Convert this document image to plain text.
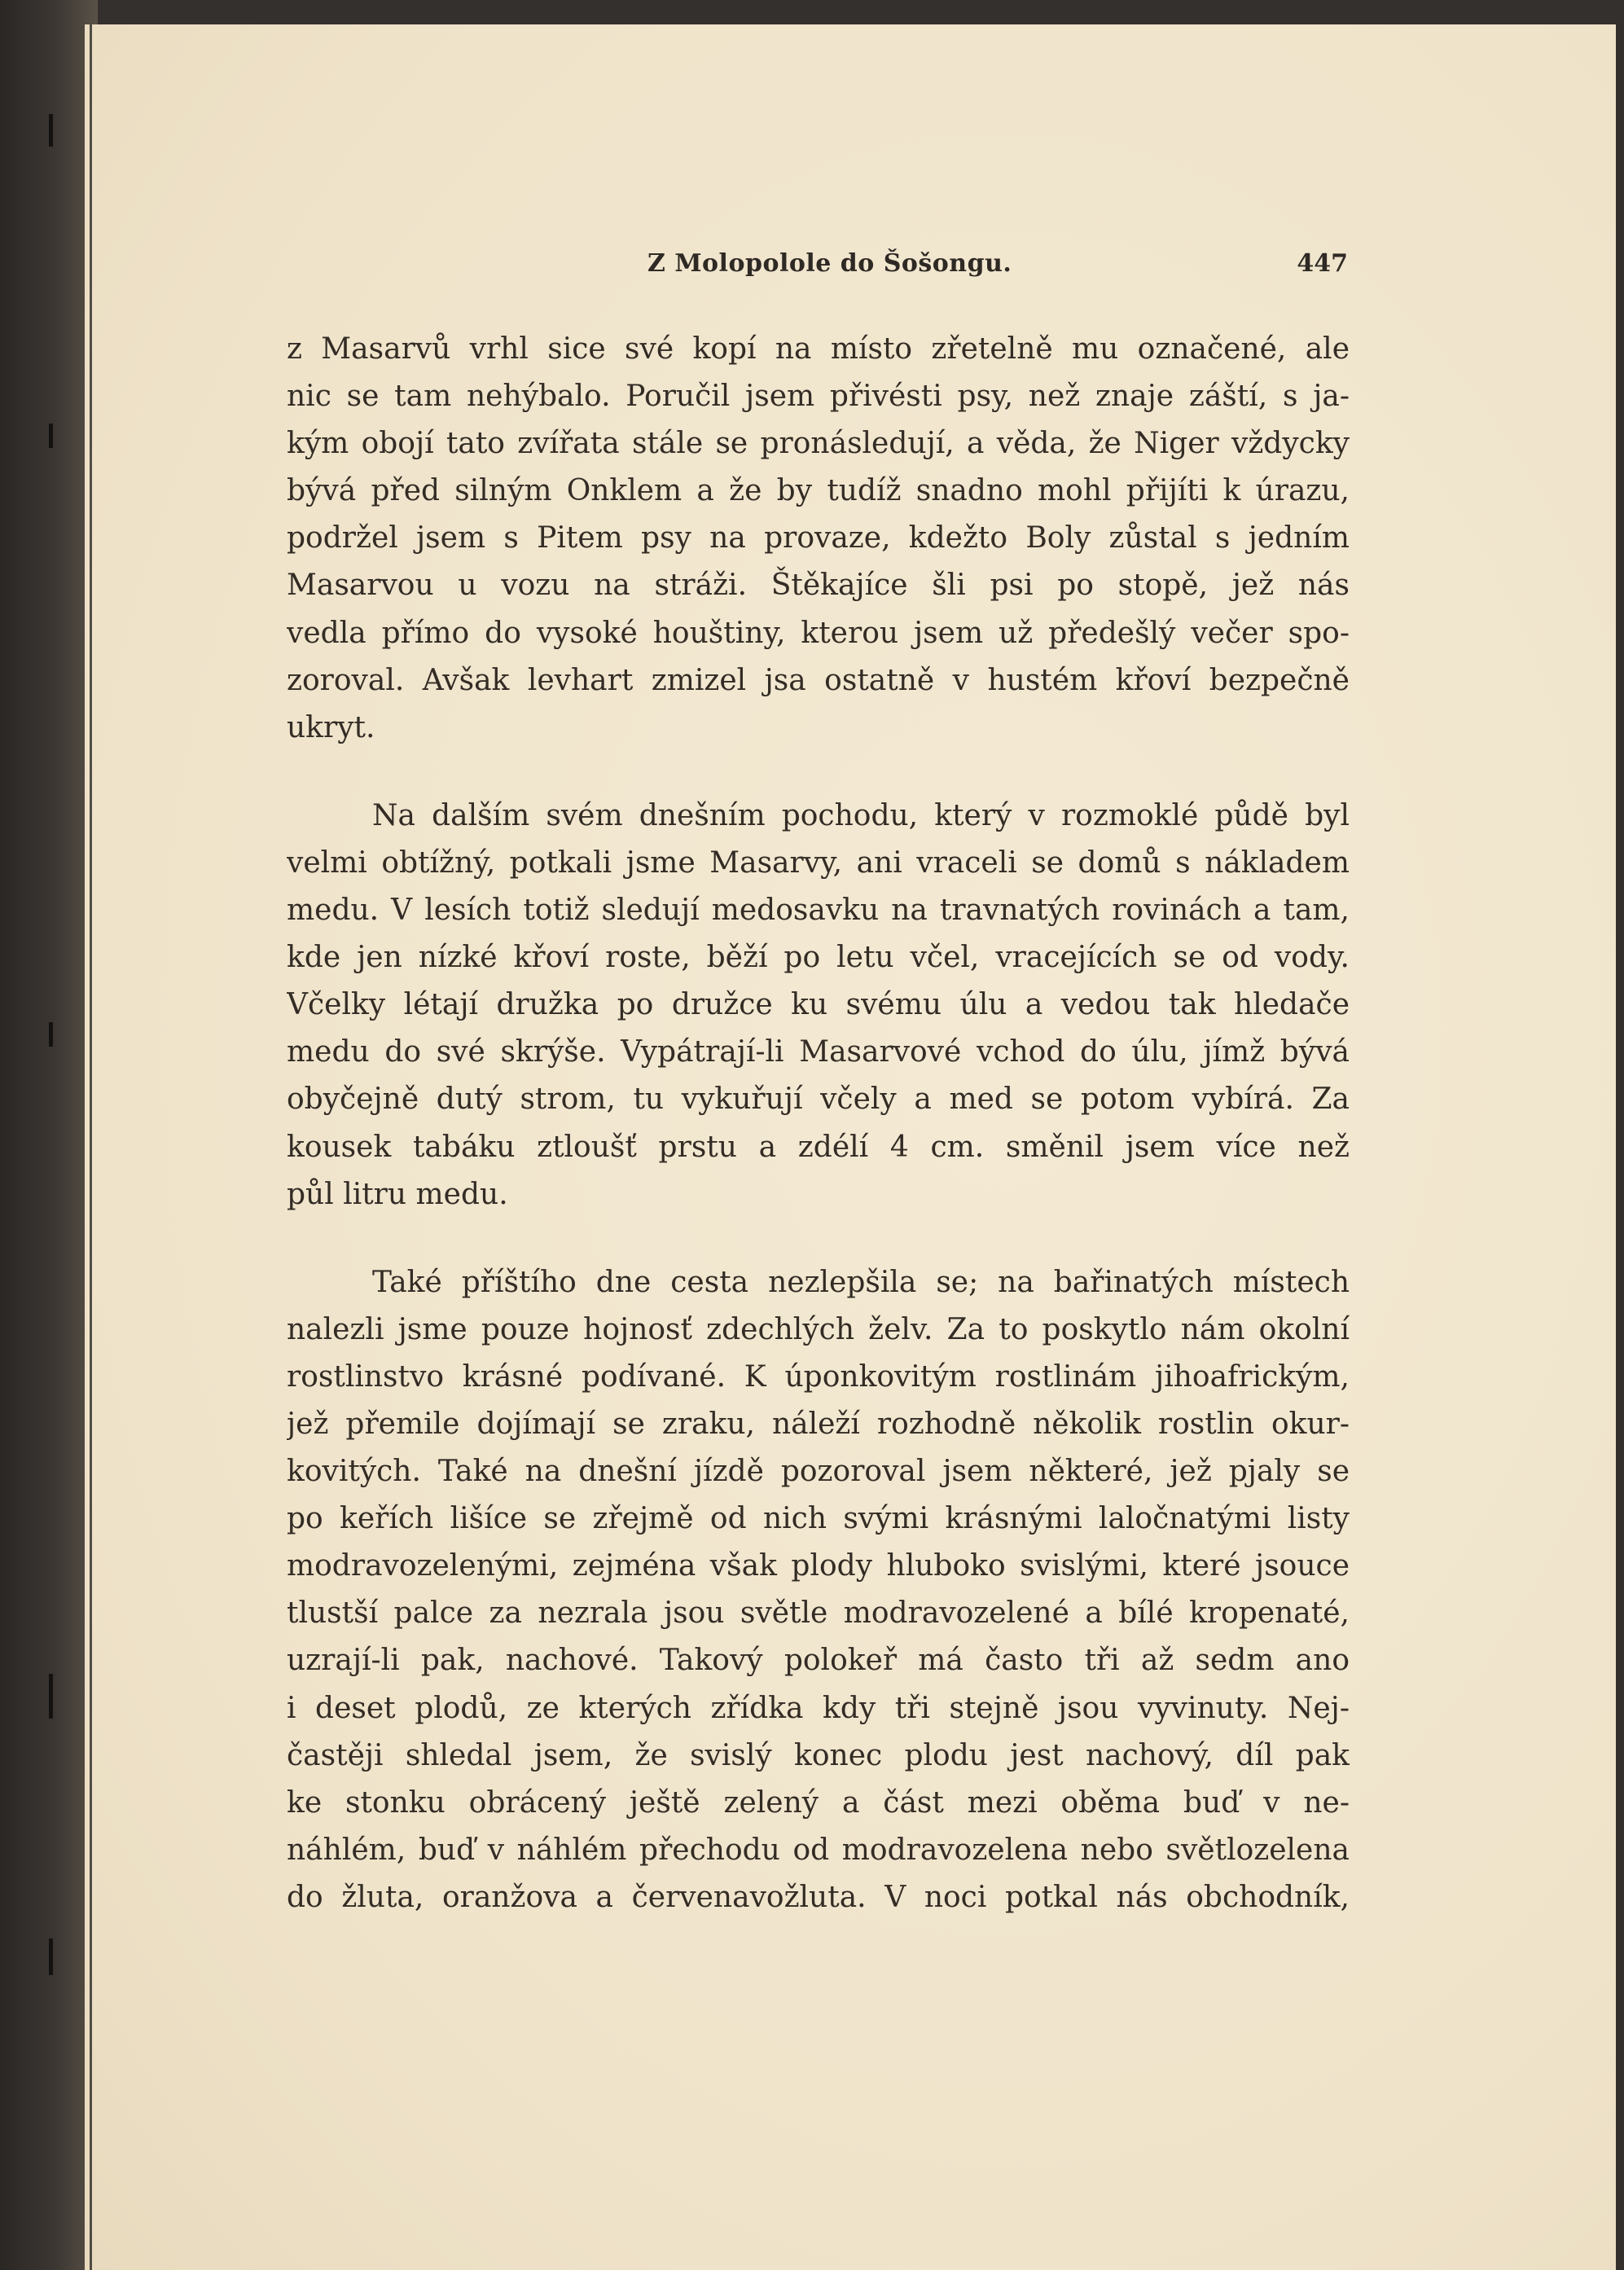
Z Molopolole do Šošongu.	447
z Masarvů vrhl sice své kopí na místo zřetelně mu označené, ale
nic se tam nehýbalo. Poručil jsem přivésti psy, než znaje záští, s ja-
kým obojí tato zvířata stále se pronásledují, a věda, že Niger vždycky
bývá před silným Onklem a že by tudíž snadno mohl přijíti k úrazu,
podržel jsem s Pitem psy na provaze, kdežto Boly zůstal s jedním
Masarvou u vozu na stráži. Štěkajíce šli psi po stopě, jež nás
vedla přímo do vysoké houštiny, kterou jsem už předešlý večer spo-
zoroval. Avšak levhart zmizel jsa ostatně v hustém křoví bezpečně
ukryt.
Na dalším svém dnešním pochodu, který v rozmoklé půdě byl
velmi obtížný, potkali jsme Masarvy, ani vraceli se domů s nákladem
medu. V lesích totiž sledují medosavku na travnatých rovinách a tam,
kde jen nízké křoví roste, běží po letu včel, vracejících se od vody.
Včelky létají družka po družce ku svému úlu a vedou tak hledače
medu do své skrýše. Vypátrají-li Masarvové vchod do úlu, jímž bývá
obyčejně dutý strom, tu vykuřují včely a med se potom vybírá. Za
kousek tabáku ztloušť prstu a zdélí 4 cm. směnil jsem více než
půl litru medu.
Také příštího dne cesta nezlepšila se; na bařinatých místech
nalezli jsme pouze hojnosť zdechlých želv. Za to poskytlo nám okolní
rostlinstvo krásné podívané. K úponkovitým rostlinám jihoafrickým,
jež přemile dojímají se zraku, náleží rozhodně několik rostlin okur-
kovitých. Také na dnešní jízdě pozoroval jsem některé, jež pjaly se
po keřích lišíce se zřejmě od nich svými krásnými laločnatými listy
modravozelenými, zejména však plody hluboko svislými, které jsouce
tlustší palce za nezralа jsou světle modravozelené a bílé kropenaté,
uzrají-li pak, nachové. Takový polokeř má často tři až sedm ano
i deset plodů, ze kterých zřídka kdy tři stejně jsou vyvinuty. Nej-
častěji shledal jsem, že svislý konec plodu jest nachový, díl pak
ke stonku obrácený ještě zelený a část mezi oběma buď v ne-
náhlém, buď v náhlém přechodu od modravozelena nebo světlozelena
do žluta, oranžova a červenavožluta. V noci potkal nás obchodník,
